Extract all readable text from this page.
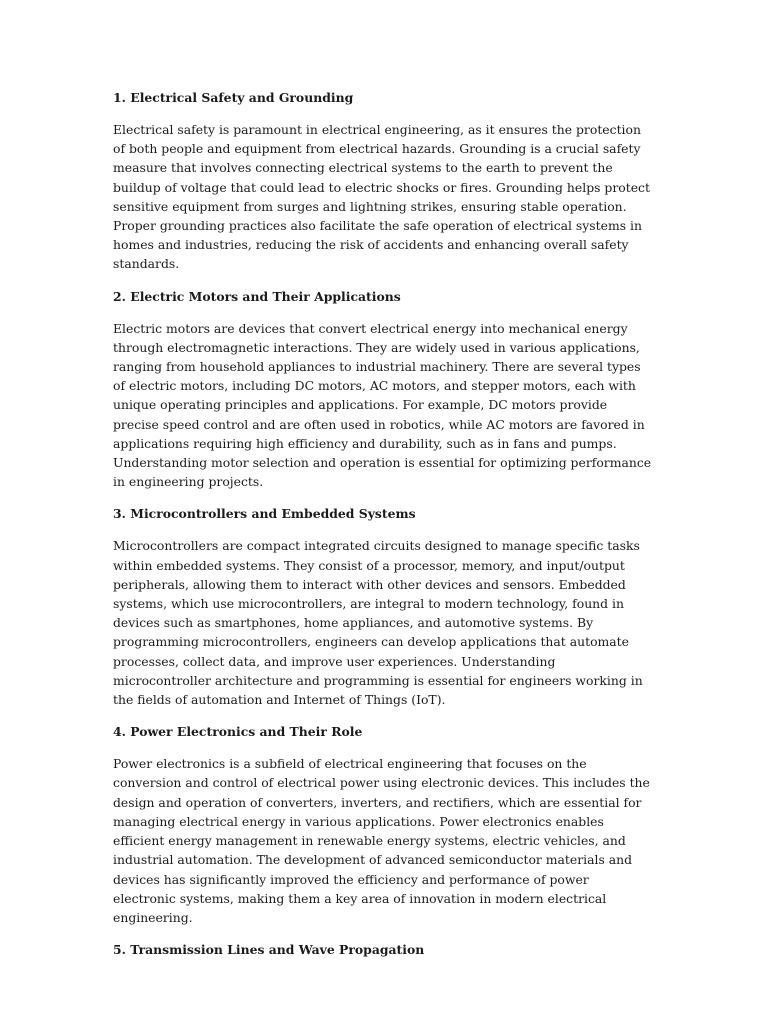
1. Electrical Safety and Grounding
Electrical safety is paramount in electrical engineering, as it ensures the protection of both people and equipment from electrical hazards. Grounding is a crucial safety measure that involves connecting electrical systems to the earth to prevent the buildup of voltage that could lead to electric shocks or fires. Grounding helps protect sensitive equipment from surges and lightning strikes, ensuring stable operation. Proper grounding practices also facilitate the safe operation of electrical systems in homes and industries, reducing the risk of accidents and enhancing overall safety standards.
2. Electric Motors and Their Applications
Electric motors are devices that convert electrical energy into mechanical energy through electromagnetic interactions. They are widely used in various applications, ranging from household appliances to industrial machinery. There are several types of electric motors, including DC motors, AC motors, and stepper motors, each with unique operating principles and applications. For example, DC motors provide precise speed control and are often used in robotics, while AC motors are favored in applications requiring high efficiency and durability, such as in fans and pumps. Understanding motor selection and operation is essential for optimizing performance in engineering projects.
3. Microcontrollers and Embedded Systems
Microcontrollers are compact integrated circuits designed to manage specific tasks within embedded systems. They consist of a processor, memory, and input/output peripherals, allowing them to interact with other devices and sensors. Embedded systems, which use microcontrollers, are integral to modern technology, found in devices such as smartphones, home appliances, and automotive systems. By programming microcontrollers, engineers can develop applications that automate processes, collect data, and improve user experiences. Understanding microcontroller architecture and programming is essential for engineers working in the fields of automation and Internet of Things (IoT).
4. Power Electronics and Their Role
Power electronics is a subfield of electrical engineering that focuses on the conversion and control of electrical power using electronic devices. This includes the design and operation of converters, inverters, and rectifiers, which are essential for managing electrical energy in various applications. Power electronics enables efficient energy management in renewable energy systems, electric vehicles, and industrial automation. The development of advanced semiconductor materials and devices has significantly improved the efficiency and performance of power electronic systems, making them a key area of innovation in modern electrical engineering.
5. Transmission Lines and Wave Propagation
